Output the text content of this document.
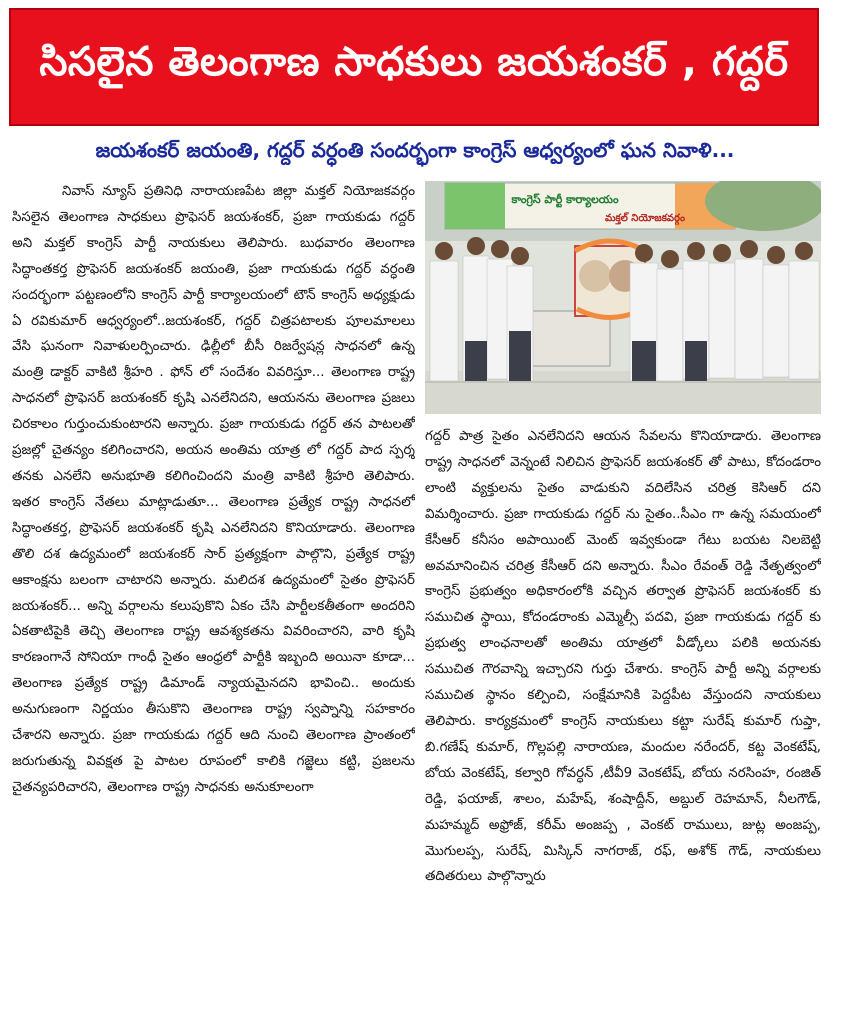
సిసలైన తెలంగాణ సాధకులు జయశంకర్ , గద్దర్

జయశంకర్ జయంతి, గద్దర్ వర్ధంతి సందర్భంగా కాంగ్రెస్ ఆధ్వర్యంలో ఘన నివాళి...

నివాస్ న్యూస్ ప్రతినిధి నారాయణపేట జిల్లా మక్తల్ నియోజకవర్గం సిసలైన తెలంగాణ సాధకులు ప్రొఫెసర్ జయశంకర్, ప్రజా గాయకుడు గద్దర్ అని మక్తల్ కాంగ్రెస్ పార్టీ నాయకులు తెలిపారు. బుధవారం తెలంగాణ సిద్ధాంతకర్త ప్రొఫెసర్ జయశంకర్ జయంతి, ప్రజా గాయకుడు గద్దర్ వర్ధంతి సందర్భంగా పట్టణంలోని కాంగ్రెస్ పార్టీ కార్యాలయంలో టౌన్ కాంగ్రెస్ అధ్యక్షుడు ఏ రవికుమార్ ఆధ్వర్యంలో..జయశంకర్, గద్దర్ చిత్రపటాలకు పూలమాలలు వేసి ఘనంగా నివాళులర్పించారు. ఢిల్లీలో బీసీ రిజర్వేషన్ల సాధనలో ఉన్న మంత్రి డాక్టర్ వాకిటి శ్రీహరి . ఫోన్ లో సందేశం వివరిస్తూ... తెలంగాణ రాష్ట్ర సాధనలో ప్రొఫెసర్ జయశంకర్ కృషి ఎనలేనిదని, ఆయనను తెలంగాణ ప్రజలు చిరకాలం గుర్తుంచుకుంటారని అన్నారు. ప్రజా గాయకుడు గద్దర్ తన పాటలతో ప్రజల్లో చైతన్యం కలిగించారని, అయన అంతిమ యాత్ర లో గద్దర్ పాద స్పర్శ తనకు ఎనలేని అనుభూతి కలిగించిందని మంత్రి వాకిటి శ్రీహరి తెలిపారు. ఇతర కాంగ్రెస్ నేతలు మాట్లాడుతూ... తెలంగాణ ప్రత్యేక రాష్ట్ర సాధనలో సిద్ధాంతకర్త, ప్రొఫెసర్ జయశంకర్ కృషి ఎనలేనిదని కొనియాడారు. తెలంగాణ తొలి దశ ఉద్యమంలో జయశంకర్ సార్ ప్రత్యక్షంగా పాల్గొని, ప్రత్యేక రాష్ట్ర ఆకాంక్షను బలంగా చాటారని అన్నారు. మలిదశ ఉద్యమంలో సైతం ప్రొఫెసర్ జయశంకర్... అన్ని వర్గాలను కలుపుకొని ఏకం చేసి పార్టీలకతీతంగా అందరిని ఏకతాటిపైకి తెచ్చి తెలంగాణ రాష్ట్ర ఆవశ్యకతను వివరించారని, వారి కృషి కారణంగానే సోనియా గాంధీ సైతం ఆంధ్రలో పార్టీకి ఇబ్బంది అయినా కూడా... తెలంగాణ ప్రత్యేక రాష్ట్ర డిమాండ్ న్యాయమైనదని భావించి.. అందుకు అనుగుణంగా నిర్ణయం తీసుకొని తెలంగాణ రాష్ట్ర స్వప్నాన్ని సహకారం చేశారని అన్నారు. ప్రజా గాయకుడు గద్దర్ ఆది నుంచి తెలంగాణ ప్రాంతంలో జరుగుతున్న వివక్షత పై పాటల రూపంలో కాలికి గజ్జెలు కట్టి, ప్రజలను చైతన్యపరిచారని, తెలంగాణ రాష్ట్ర సాధనకు అనుకూలంగా

కాంగ్రెస్ పార్టీ కార్యాలయం
మక్తల్ నియోజకవర్గం

గద్దర్ పాత్ర సైతం ఎనలేనిదని ఆయన సేవలను కొనియాడారు. తెలంగాణ రాష్ట్ర సాధనలో వెన్నంటే నిలిచిన ప్రొఫెసర్ జయశంకర్ తో పాటు, కోదండరాం లాంటి వ్యక్తులను సైతం వాడుకుని వదిలేసిన చరిత్ర కెసిఆర్ దని విమర్శించారు. ప్రజా గాయకుడు గద్దర్ ను సైతం..సీఎం గా ఉన్న సమయంలో కేసీఆర్ కనీసం అపాయింట్ మెంట్ ఇవ్వకుండా గేటు బయట నిలబెట్టి అవమానించిన చరిత్ర కేసీఆర్ దని అన్నారు. సీఎం రేవంత్ రెడ్డి నేతృత్వంలో కాంగ్రెస్ ప్రభుత్వం అధికారంలోకి వచ్చిన తర్వాత ప్రొఫెసర్ జయశంకర్ కు సముచిత స్థాయి, కోదండరాంకు ఎమ్మెల్సీ పదవి, ప్రజా గాయకుడు గద్దర్ కు ప్రభుత్వ లాంఛనాలతో అంతిమ యాత్రలో వీడ్కోలు పలికి అయనకు సముచిత గౌరవాన్ని ఇచ్చారని గుర్తు చేశారు. కాంగ్రెస్ పార్టీ అన్ని వర్గాలకు సముచిత స్థానం కల్పించి, సంక్షేమానికి పెద్దపీట వేస్తుందని నాయకులు తెలిపారు. కార్యక్రమంలో కాంగ్రెస్ నాయకులు కట్టా సురేష్ కుమార్ గుప్తా, బి.గణేష్ కుమార్, గొల్లపల్లి నారాయణ, మందుల నరేందర్, కట్ట వెంకటేష్, బోయ వెంకటేష్, కల్వారి గోవర్ధన్ ,టీవీ9 వెంకటేష్, బోయ నరసింహ, రంజిత్ రెడ్డి, ఫయాజ్, శాలం, మహేష్, శంషాద్దీన్, అబ్దుల్ రెహమాన్, నీలగౌడ్, మహమ్మద్ అఫ్రోజ్, కరీమ్ అంజప్ప , వెంకట్ రాములు, జుట్ల అంజప్ప, మొగులప్ప, సురేష్, మిస్కిన్ నాగరాజ్, రఫ్, అశోక్ గౌడ్, నాయకులు తదితరులు పాల్గొన్నారు
